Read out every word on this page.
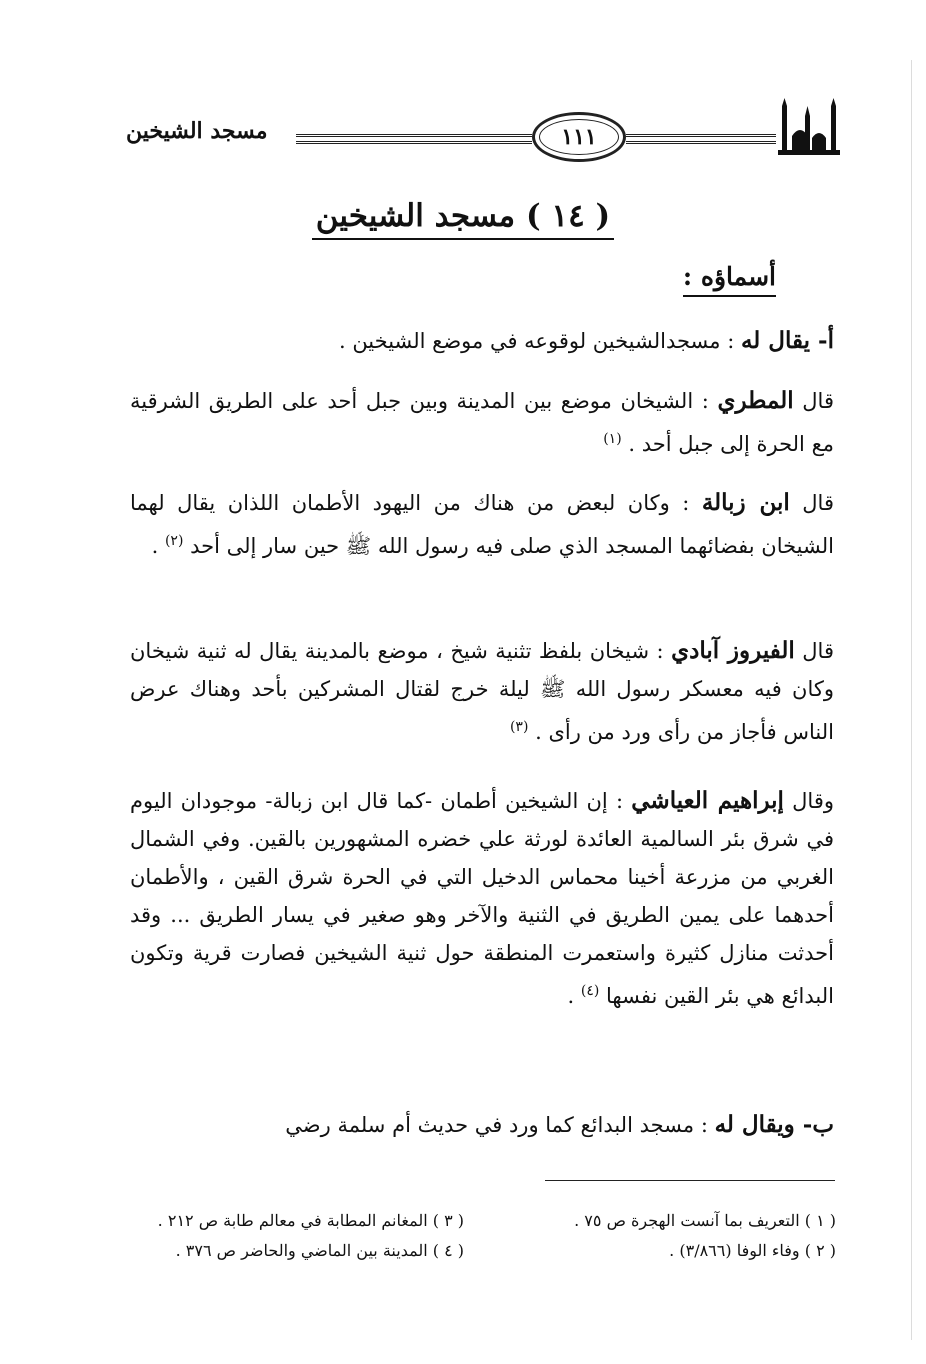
١١١
مسجد الشيخين
( ١٤ ) مسجد الشيخين
أسماؤه :
أ- يقال له : مسجدالشيخين لوقوعه في موضع الشيخين .
قال المطري : الشيخان موضع بين المدينة وبين جبل أحد على الطريق الشرقية مع الحرة إلى جبل أحد . $^{(١)}$
قال ابن زبالة : وكان لبعض من هناك من اليهود الأطمان اللذان يقال لهما الشيخان بفضائهما المسجد الذي صلى فيه رسول الله ﷺ حين سار إلى أحد $^{(٢)}$ .
قال الفيروز آبادي : شيخان بلفظ تثنية شيخ ، موضع بالمدينة يقال له ثنية شيخان وكان فيه معسكر رسول الله ﷺ ليلة خرج لقتال المشركين بأحد وهناك عرض الناس فأجاز من رأى ورد من رأى . $^{(٣)}$
وقال إبراهيم العياشي : إن الشيخين أطمان -كما قال ابن زبالة- موجودان اليوم في شرق بئر السالمية العائدة لورثة علي خضره المشهورين بالقين. وفي الشمال الغربي من مزرعة أخينا محماس الدخيل التي في الحرة شرق القين ، والأطمان أحدهما على يمين الطريق في الثنية والآخر وهو صغير في يسار الطريق ... وقد أحدثت منازل كثيرة واستعمرت المنطقة حول ثنية الشيخين فصارت قرية وتكون البدائع هي بئر القين نفسها $^{(٤)}$ .
ب- ويقال له : مسجد البدائع كما ورد في حديث أم سلمة رضي
( ١ ) التعريف بما آنست الهجرة ص ٧٥ .
( ٢ ) وفاء الوفا (٣/٨٦٦) .
( ٣ ) المغانم المطابة في معالم طابة ص ٢١٢ .
( ٤ ) المدينة بين الماضي والحاضر ص ٣٧٦ .
